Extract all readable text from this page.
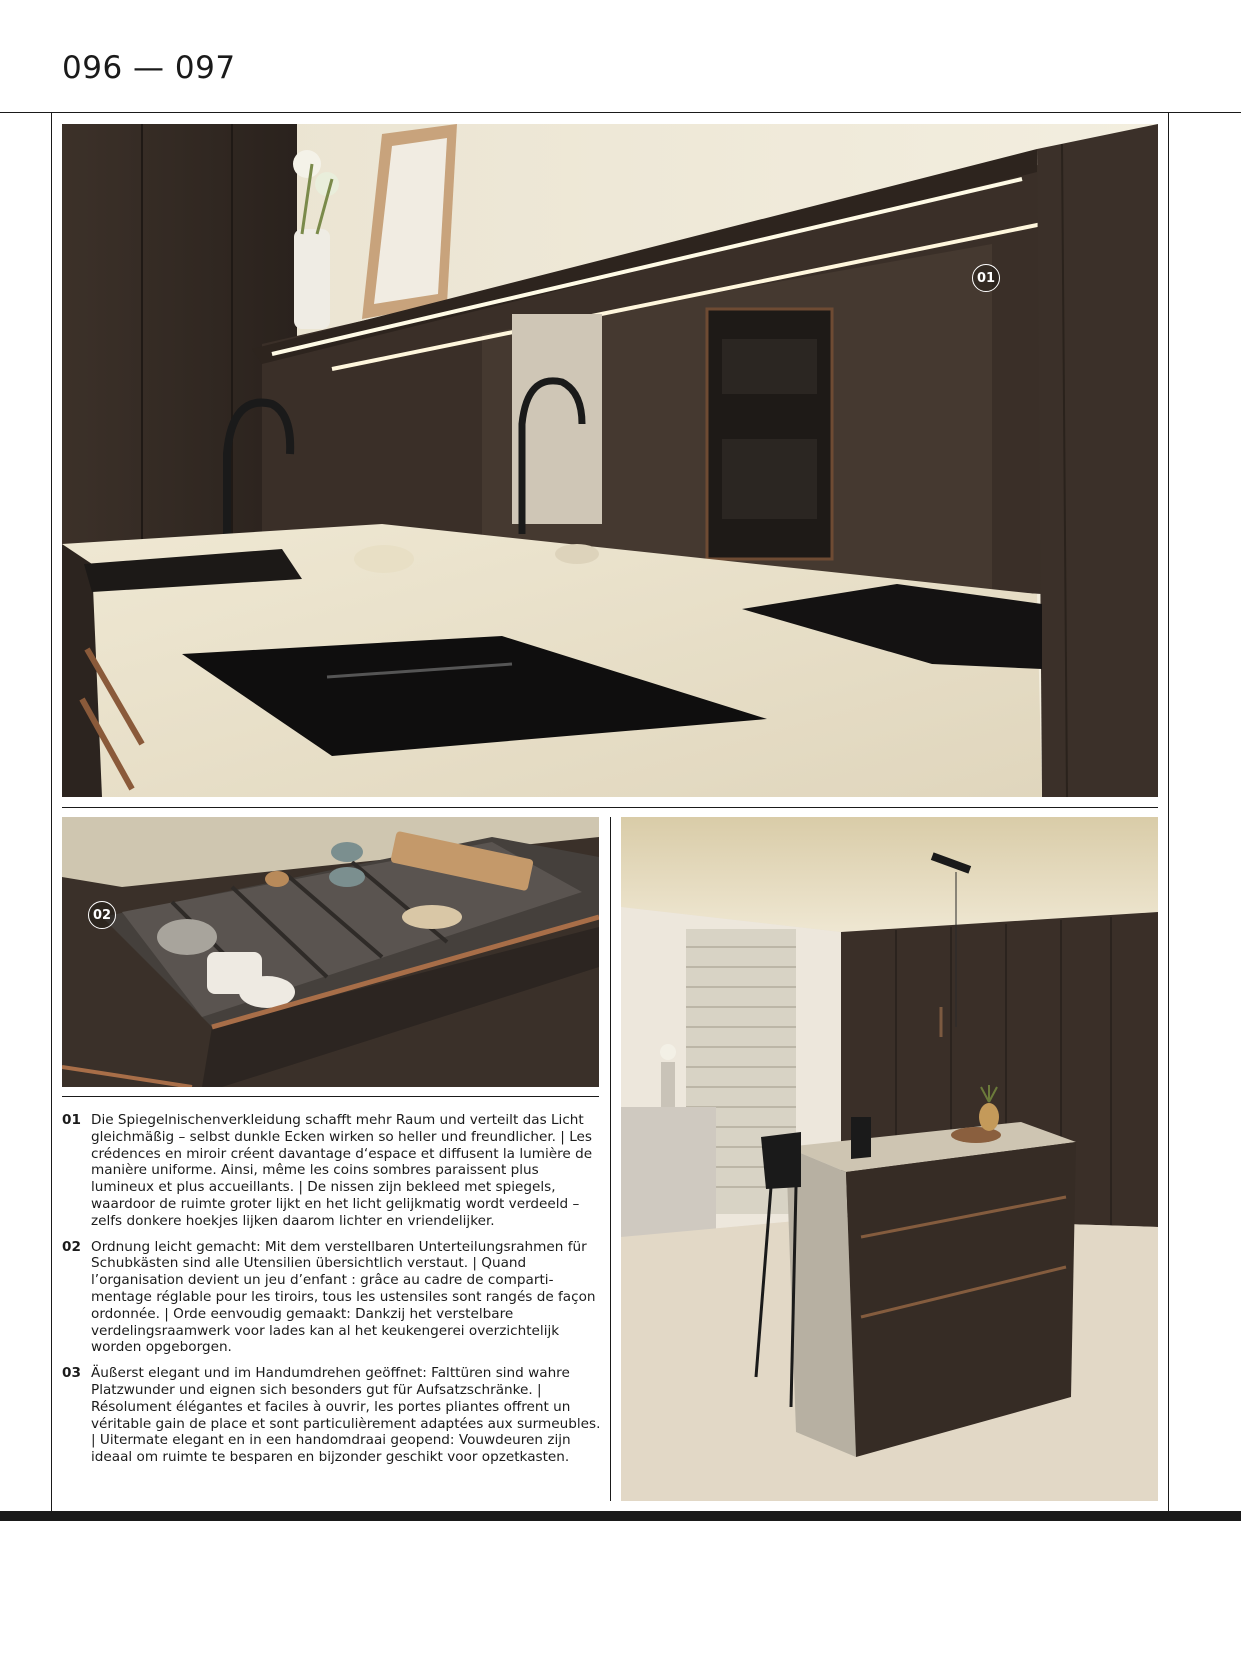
096 — 097
01
02
01 Die Spiegelnischenverkleidung schafft mehr Raum und verteilt das Licht gleichmäßig – selbst dunkle Ecken wirken so heller und freundlicher. | Les crédences en miroir créent davantage d‘espace et diffusent la lumière de manière uniforme. Ainsi, même les coins sombres paraissent plus lumineux et plus accueillants. | De nissen zijn bekleed met spiegels, waardoor de ruimte groter lijkt en het licht gelijkmatig wordt verdeeld – zelfs donkere hoekjes lijken daarom lichter en vriendelijker.
02 Ordnung leicht gemacht: Mit dem verstellbaren Unterteilungsrahmen für Schubkästen sind alle Utensilien übersichtlich verstaut. | Quand l’organisation devient un jeu d’enfant : grâce au cadre de compartimentage réglable pour les tiroirs, tous les ustensiles sont rangés de façon ordonnée. | Orde eenvoudig gemaakt: Dankzij het verstelbare verdelingsraamwerk voor lades kan al het keukengerei overzichtelijk worden opgeborgen.
03 Äußerst elegant und im Handumdrehen geöffnet: Falttüren sind wahre Platzwunder und eignen sich besonders gut für Aufsatzschränke. | Résolument élégantes et faciles à ouvrir, les portes pliantes offrent un véritable gain de place et sont particulièrement adaptées aux surmeubles. | Uitermate elegant en in een handomdraai geopend: Vouwdeuren zijn ideaal om ruimte te besparen en bijzonder geschikt voor opzetkasten.
